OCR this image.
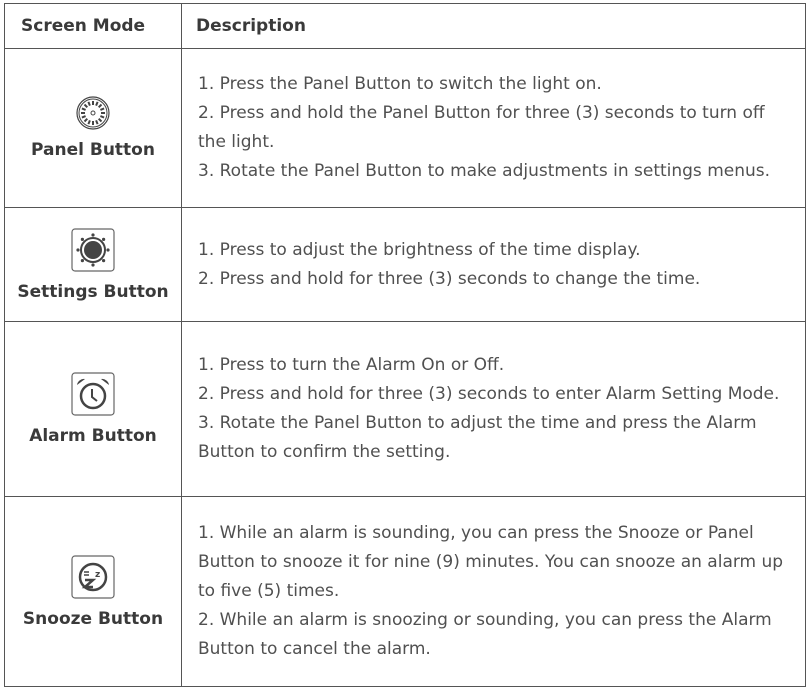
Screen Mode	Description

Panel Button	1. Press the Panel Button to switch the light on.
2. Press and hold the Panel Button for three (3) seconds to turn off the light.
3. Rotate the Panel Button to make adjustments in settings menus.

Settings Button	1. Press to adjust the brightness of the time display.
2. Press and hold for three (3) seconds to change the time.

Alarm Button	1. Press to turn the Alarm On or Off.
2. Press and hold for three (3) seconds to enter Alarm Setting Mode.
3. Rotate the Panel Button to adjust the time and press the Alarm Button to confirm the setting.

z
Snooze Button	1. While an alarm is sounding, you can press the Snooze or Panel Button to snooze it for nine (9) minutes. You can snooze an alarm up to five (5) times.
2. While an alarm is snoozing or sounding, you can press the Alarm Button to cancel the alarm.
